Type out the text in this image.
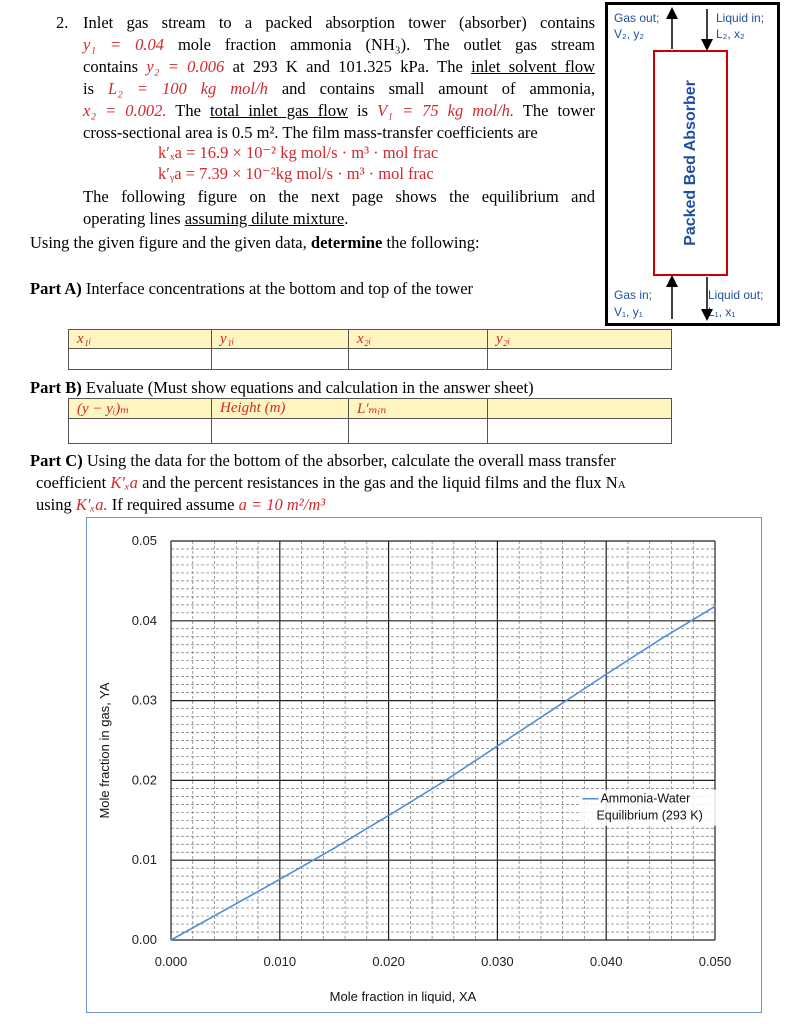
2. Inlet gas stream to a packed absorption tower (absorber) contains
y₁ = 0.04 mole fraction ammonia (NH₃). The outlet gas stream
contains y₂ = 0.006 at 293 K and 101.325 kPa. The inlet solvent flow
is L₂ = 100 kg mol/h and contains small amount of ammonia,
x₂ = 0.002. The total inlet gas flow is V₁ = 75 kg mol/h. The tower
cross-sectional area is 0.5 m². The film mass-transfer coefficients are
k′ₓa = 16.9 × 10⁻² kg mol/s · m³ · mol frac
k′ᵧa = 7.39 × 10⁻²kg mol/s · m³ · mol frac
The following figure on the next page shows the equilibrium and
operating lines assuming dilute mixture.
Using the given figure and the given data, determine the following:
Part A) Interface concentrations at the bottom and top of the tower
x₁ᵢ	y₁ᵢ	x₂ᵢ	y₂ᵢ

Part B) Evaluate (Must show equations and calculation in the answer sheet)
(y − yᵢ)ₘ	Height (m)	L′ₘᵢₙ	

Part C) Using the data for the bottom of the absorber, calculate the overall mass transfer
coefficient K′ₓa and the percent resistances in the gas and the liquid films and the flux NA
using K′ₓa. If required assume a = 10 m²/m³
Gas out;
V₂, y₂
Liquid in;
L₂, x₂
Packed Bed Absorber
Gas in;
V₁, y₁
Liquid out;
L₁, x₁
0.000	0.010	0.020	0.030	0.040	0.050
0.00
0.01
0.02
0.03
0.04
0.05
Mole fraction in liquid, XA
Mole fraction in gas, YA	Ammonia-Water
Equilibrium (293 K)
